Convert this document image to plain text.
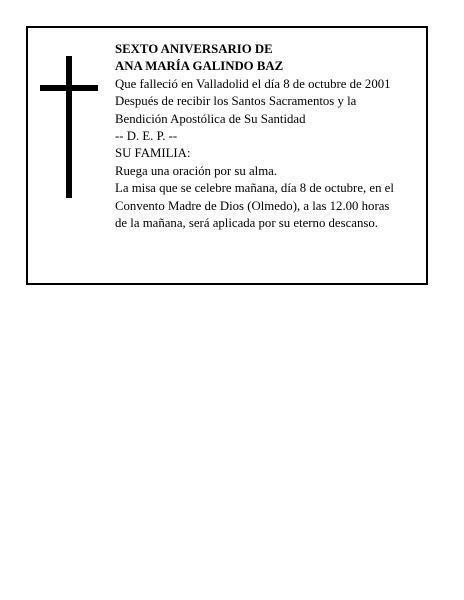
SEXTO ANIVERSARIO DE
ANA MARÍA GALINDO BAZ
Que falleció en Valladolid el día 8 de octubre de 2001
Después de recibir los Santos Sacramentos y la
Bendición Apostólica de Su Santidad
-- D. E. P. --
SU FAMILIA:
Ruega una oración por su alma.
La misa que se celebre mañana, día 8 de octubre, en el
Convento Madre de Dios (Olmedo), a las 12.00 horas
de la mañana, será aplicada por su eterno descanso.
